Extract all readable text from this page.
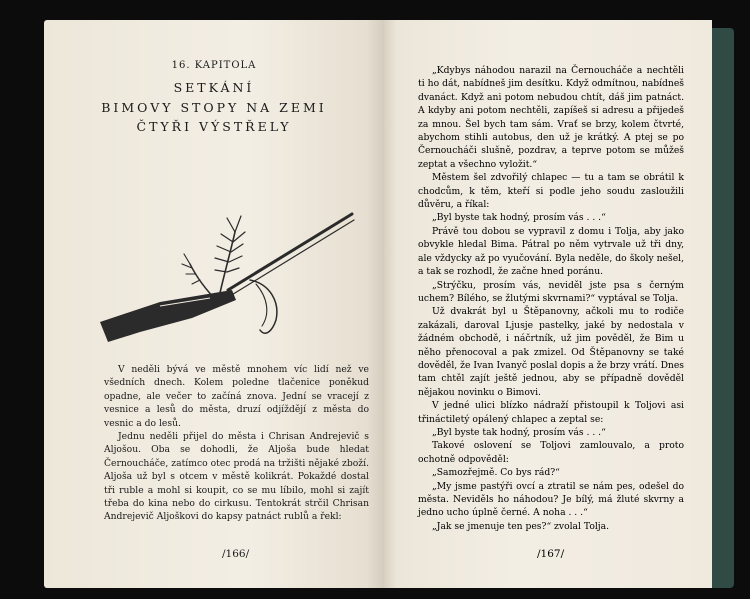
16. KAPITOLA
SETKÁNÍ
BIMOVY STOPY NA ZEMI
ČTYŘI VÝSTŘELY

V neděli bývá ve městě mnohem víc lidí než ve všedních dnech. Kolem poledne tlačenice poněkud opadne, ale večer to začíná znova. Jední se vracejí z vesnice a lesů do města, druzí odjíždějí z města do vesnic a do lesů.

Jednu neděli přijel do města i Chrisan Andrejevič s Aljošou. Oba se dohodli, že Aljoša bude hledat Černoucháče, zatímco otec prodá na tržišti nějaké zboží. Aljoša už byl s otcem v městě kolikrát. Pokaždé dostal tři ruble a mohl si koupit, co se mu líbilo, mohl si zajít třeba do kina nebo do cirkusu. Tentokrát strčil Chrisan Andrejevič Aljoškovi do kapsy patnáct rublů a řekl:

/166/

„Kdybys náhodou narazil na Černoucháče a nechtěli ti ho dát, nabídneš jim desítku. Když odmítnou, nabídneš dvanáct. Když ani potom nebudou chtít, dáš jim patnáct. A kdyby ani potom nechtěli, zapíšeš si adresu a přijedeš za mnou. Šel bych tam sám. Vrať se brzy, kolem čtvrté, abychom stihli autobus, den už je krátký. A ptej se po Černoucháči slušně, pozdrav, a teprve potom se můžeš zeptat a všechno vyložit.“

Městem šel zdvořilý chlapec — tu a tam se obrátil k chodcům, k těm, kteří si podle jeho soudu zasloužili důvěru, a říkal:

„Byl byste tak hodný, prosím vás . . .“

Právě tou dobou se vypravil z domu i Tolja, aby jako obvykle hledal Bima. Pátral po něm vytrvale už tři dny, ale vždycky až po vyučování. Byla neděle, do školy nešel, a tak se rozhodl, že začne hned poránu.

„Strýčku, prosím vás, neviděl jste psa s černým uchem? Bílého, se žlutými skvrnami?“ vyptával se Tolja.

Už dvakrát byl u Štěpanovny, ačkoli mu to rodiče zakázali, daroval Ljusje pastelky, jaké by nedostala v žádném obchodě, i náčrtník, už jim pověděl, že Bim u něho přenocoval a pak zmizel. Od Štěpanovny se také dověděl, že Ivan Ivanyč poslal dopis a že brzy vrátí. Dnes tam chtěl zajít ještě jednou, aby se případně dověděl nějakou novinku o Bimovi.

V jedné ulici blízko nádraží přistoupil k Toljovi asi třináctiletý opálený chlapec a zeptal se:

„Byl byste tak hodný, prosím vás . . .“

Takové oslovení se Toljovi zamlouvalo, a proto ochotně odpověděl:

„Samozřejmě. Co bys rád?“

„My jsme pastýři ovcí a ztratil se nám pes, odešel do města. Neviděls ho náhodou? Je bílý, má žluté skvrny a jedno ucho úplně černé. A noha . . .“

„Jak se jmenuje ten pes?“ zvolal Tolja.

/167/
